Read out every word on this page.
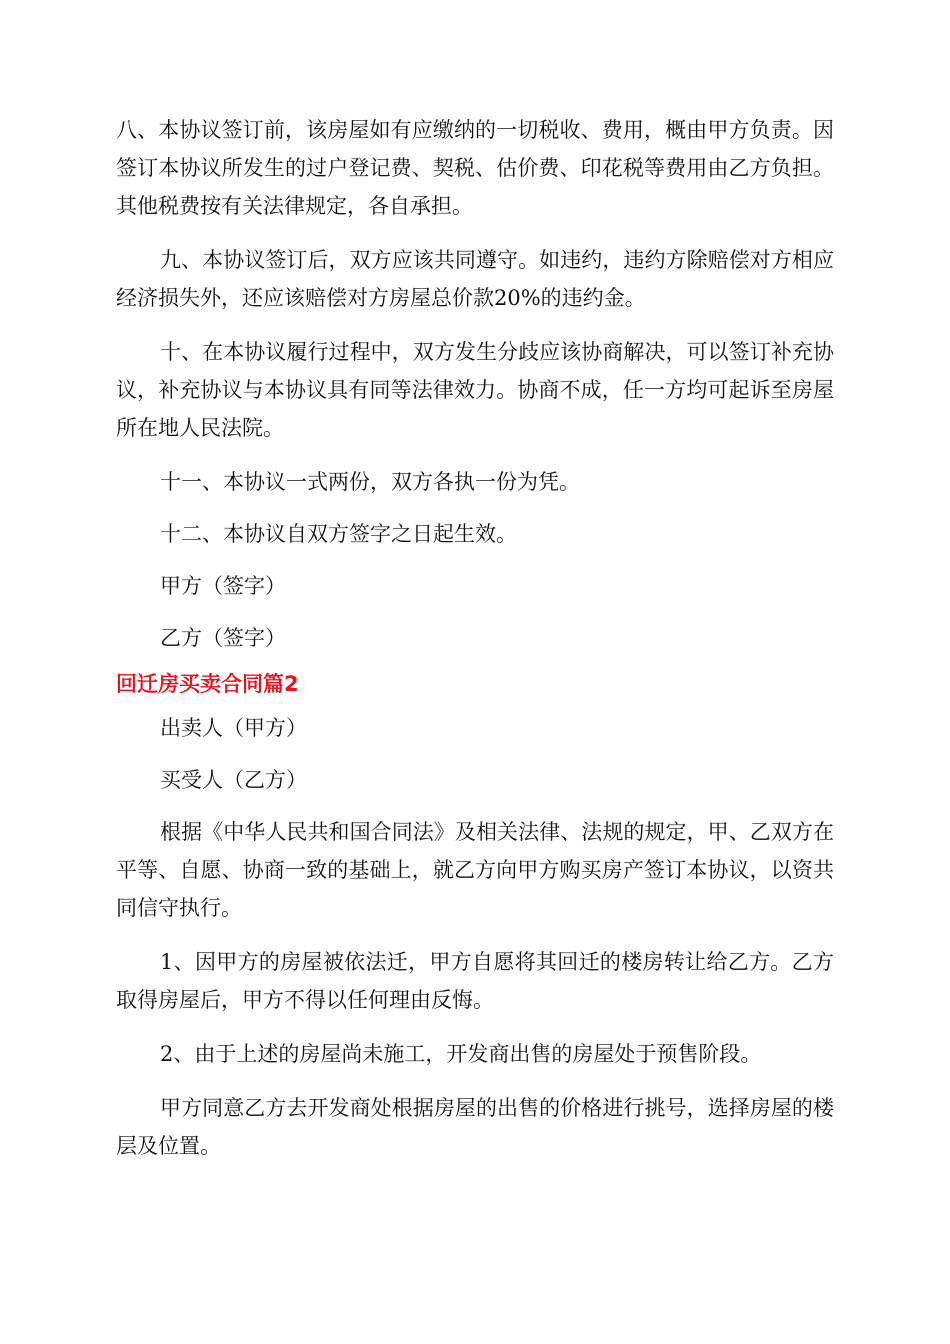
八、本协议签订前，该房屋如有应缴纳的一切税收、费用，概由甲方负责。因签订本协议所发生的过户登记费、契税、估价费、印花税等费用由乙方负担。其他税费按有关法律规定，各自承担。

九、本协议签订后，双方应该共同遵守。如违约，违约方除赔偿对方相应经济损失外，还应该赔偿对方房屋总价款20%的违约金。

十、在本协议履行过程中，双方发生分歧应该协商解决，可以签订补充协议，补充协议与本协议具有同等法律效力。协商不成，任一方均可起诉至房屋所在地人民法院。

十一、本协议一式两份，双方各执一份为凭。

十二、本协议自双方签字之日起生效。

甲方（签字）

乙方（签字）

回迁房买卖合同篇2

出卖人（甲方）

买受人（乙方）

根据《中华人民共和国合同法》及相关法律、法规的规定，甲、乙双方在平等、自愿、协商一致的基础上，就乙方向甲方购买房产签订本协议，以资共同信守执行。

1、因甲方的房屋被依法迁，甲方自愿将其回迁的楼房转让给乙方。乙方取得房屋后，甲方不得以任何理由反悔。

2、由于上述的房屋尚未施工，开发商出售的房屋处于预售阶段。

甲方同意乙方去开发商处根据房屋的出售的价格进行挑号，选择房屋的楼层及位置。
